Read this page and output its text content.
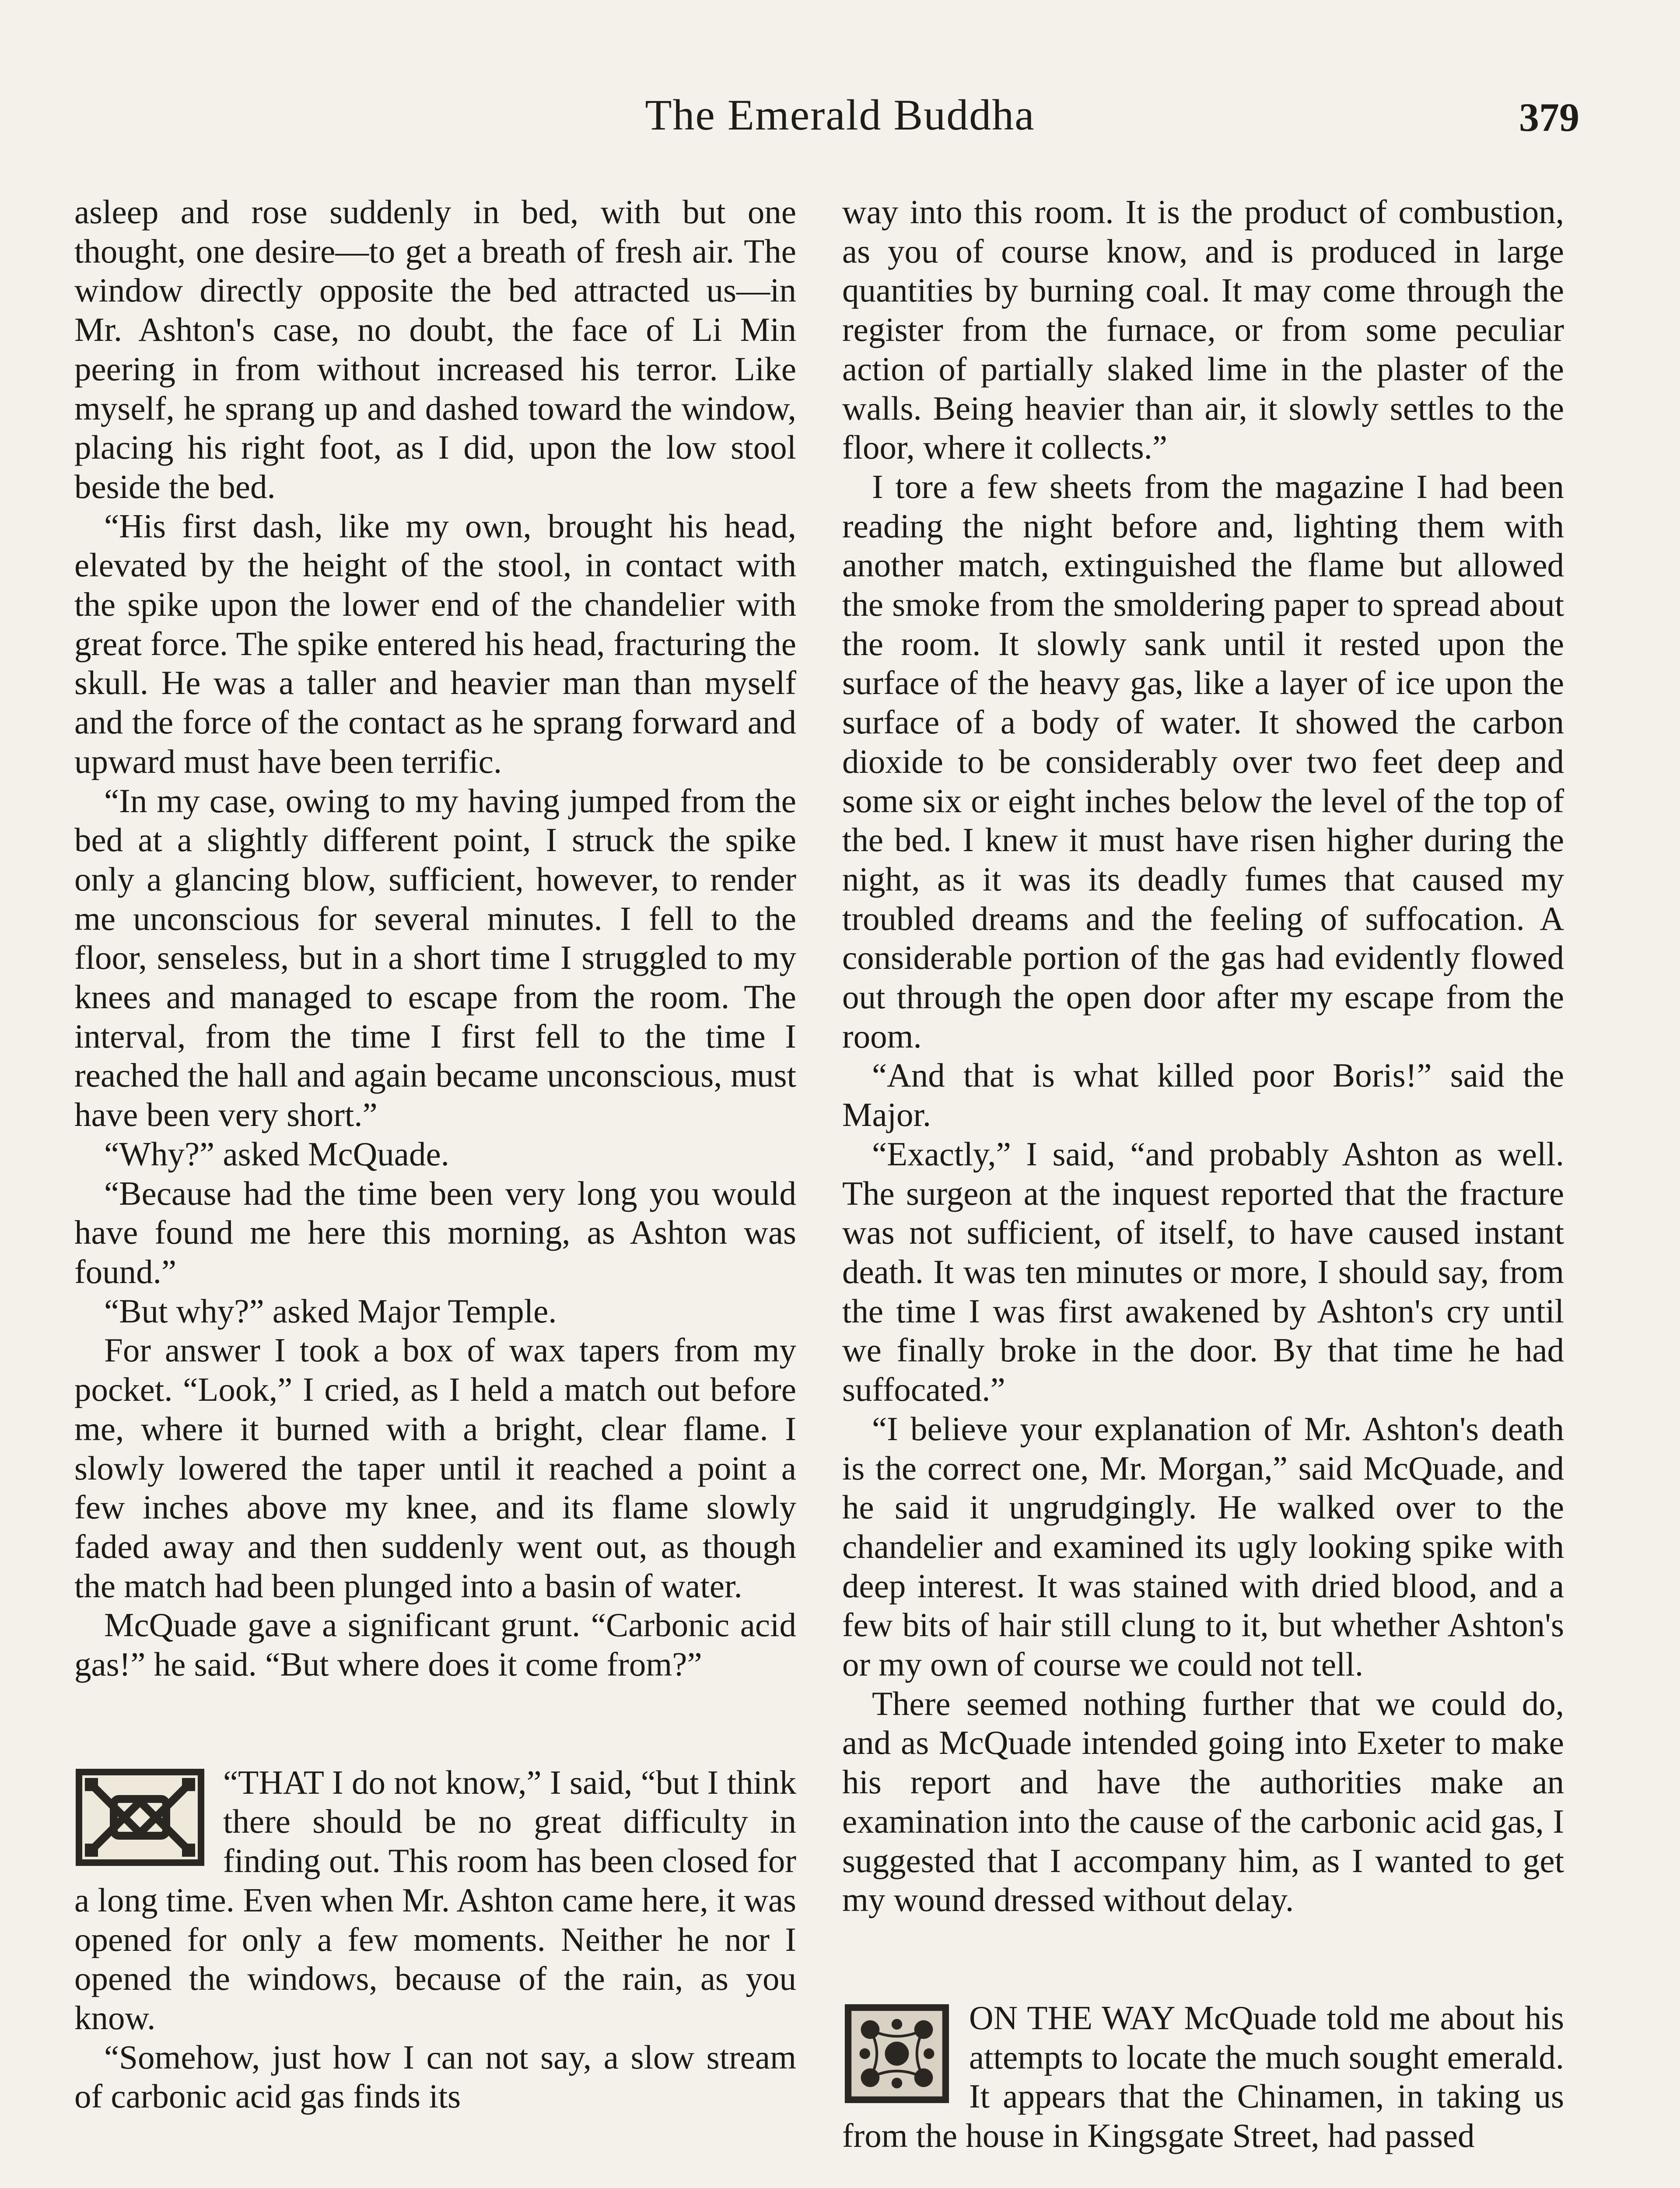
The Emerald Buddha	379

asleep and rose suddenly in bed, with but one thought, one desire—to get a breath of fresh air. The window directly opposite the bed attracted us—in Mr. Ashton's case, no doubt, the face of Li Min peering in from without increased his terror. Like myself, he sprang up and dashed toward the window, placing his right foot, as I did, upon the low stool beside the bed.

“His first dash, like my own, brought his head, elevated by the height of the stool, in contact with the spike upon the lower end of the chandelier with great force. The spike entered his head, fracturing the skull. He was a taller and heavier man than myself and the force of the contact as he sprang forward and upward must have been terrific.

“In my case, owing to my having jumped from the bed at a slightly different point, I struck the spike only a glancing blow, sufficient, however, to render me unconscious for several minutes. I fell to the floor, senseless, but in a short time I struggled to my knees and managed to escape from the room. The interval, from the time I first fell to the time I reached the hall and again became unconscious, must have been very short.”

“Why?” asked McQuade.

“Because had the time been very long you would have found me here this morning, as Ashton was found.”

“But why?” asked Major Temple.

For answer I took a box of wax tapers from my pocket. “Look,” I cried, as I held a match out before me, where it burned with a bright, clear flame. I slowly lowered the taper until it reached a point a few inches above my knee, and its flame slowly faded away and then suddenly went out, as though the match had been plunged into a basin of water.

McQuade gave a significant grunt. “Carbonic acid gas!” he said. “But where does it come from?”

“THAT I do not know,” I said, “but I think there should be no great difficulty in finding out. This room has been closed for a long time. Even when Mr. Ashton came here, it was opened for only a few moments. Neither he nor I opened the windows, because of the rain, as you know.

“Somehow, just how I can not say, a slow stream of carbonic acid gas finds its

way into this room. It is the product of combustion, as you of course know, and is produced in large quantities by burning coal. It may come through the register from the furnace, or from some peculiar action of partially slaked lime in the plaster of the walls. Being heavier than air, it slowly settles to the floor, where it collects.”

I tore a few sheets from the magazine I had been reading the night before and, lighting them with another match, extinguished the flame but allowed the smoke from the smoldering paper to spread about the room. It slowly sank until it rested upon the surface of the heavy gas, like a layer of ice upon the surface of a body of water. It showed the carbon dioxide to be considerably over two feet deep and some six or eight inches below the level of the top of the bed. I knew it must have risen higher during the night, as it was its deadly fumes that caused my troubled dreams and the feeling of suffocation. A considerable portion of the gas had evidently flowed out through the open door after my escape from the room.

“And that is what killed poor Boris!” said the Major.

“Exactly,” I said, “and probably Ashton as well. The surgeon at the inquest reported that the fracture was not sufficient, of itself, to have caused instant death. It was ten minutes or more, I should say, from the time I was first awakened by Ashton's cry until we finally broke in the door. By that time he had suffocated.”

“I believe your explanation of Mr. Ashton's death is the correct one, Mr. Morgan,” said McQuade, and he said it ungrudgingly. He walked over to the chandelier and examined its ugly looking spike with deep interest. It was stained with dried blood, and a few bits of hair still clung to it, but whether Ashton's or my own of course we could not tell.

There seemed nothing further that we could do, and as McQuade intended going into Exeter to make his report and have the authorities make an examination into the cause of the carbonic acid gas, I suggested that I accompany him, as I wanted to get my wound dressed without delay.

ON THE WAY McQuade told me about his attempts to locate the much sought emerald. It appears that the Chinamen, in taking us from the house in Kingsgate Street, had passed
